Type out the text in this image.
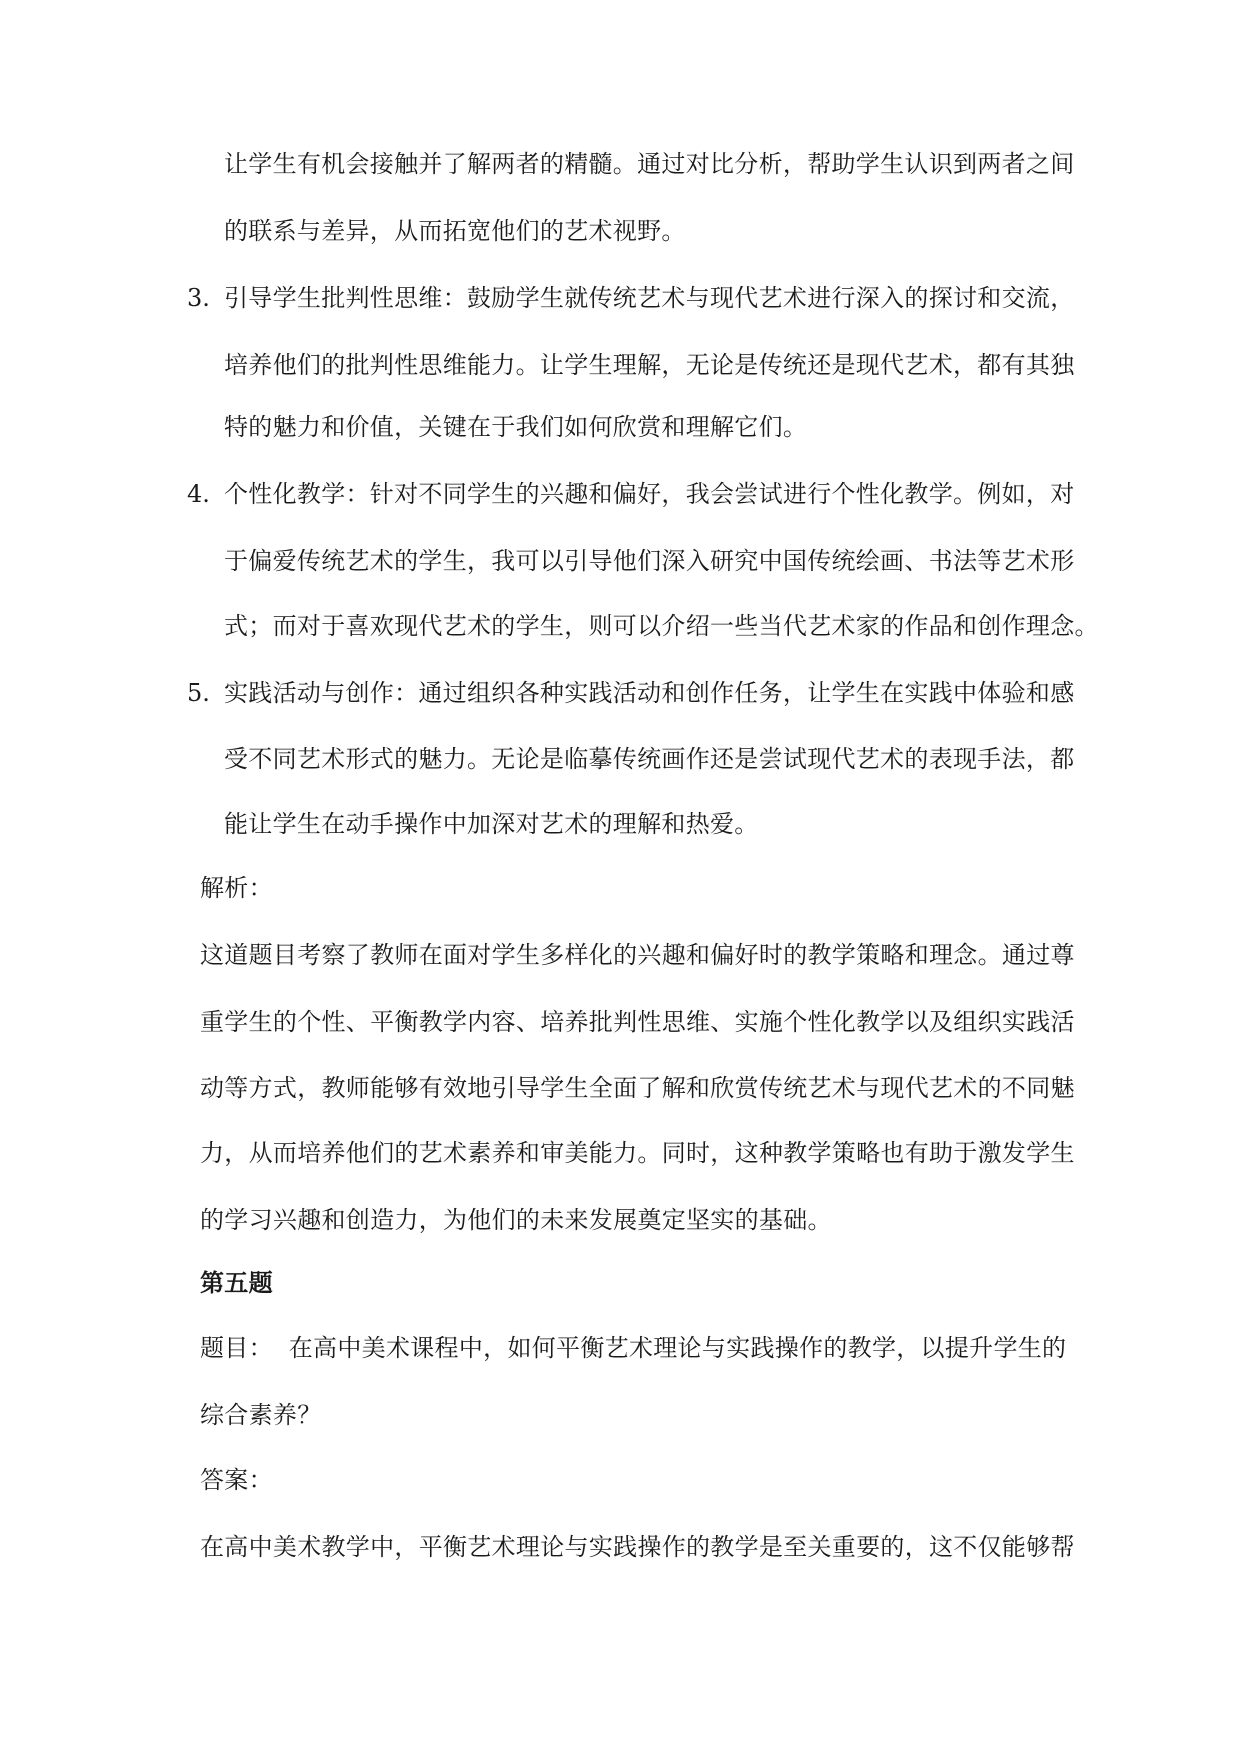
让学生有机会接触并了解两者的精髓。通过对比分析，帮助学生认识到两者之间
的联系与差异，从而拓宽他们的艺术视野。
3. 引导学生批判性思维：鼓励学生就传统艺术与现代艺术进行深入的探讨和交流，
培养他们的批判性思维能力。让学生理解，无论是传统还是现代艺术，都有其独
特的魅力和价值，关键在于我们如何欣赏和理解它们。
4. 个性化教学：针对不同学生的兴趣和偏好，我会尝试进行个性化教学。例如，对
于偏爱传统艺术的学生，我可以引导他们深入研究中国传统绘画、书法等艺术形
式；而对于喜欢现代艺术的学生，则可以介绍一些当代艺术家的作品和创作理念。
5. 实践活动与创作：通过组织各种实践活动和创作任务，让学生在实践中体验和感
受不同艺术形式的魅力。无论是临摹传统画作还是尝试现代艺术的表现手法，都
能让学生在动手操作中加深对艺术的理解和热爱。
解析：
这道题目考察了教师在面对学生多样化的兴趣和偏好时的教学策略和理念。通过尊
重学生的个性、平衡教学内容、培养批判性思维、实施个性化教学以及组织实践活
动等方式，教师能够有效地引导学生全面了解和欣赏传统艺术与现代艺术的不同魅
力，从而培养他们的艺术素养和审美能力。同时，这种教学策略也有助于激发学生
的学习兴趣和创造力，为他们的未来发展奠定坚实的基础。
第五题
题目：  在高中美术课程中，如何平衡艺术理论与实践操作的教学，以提升学生的
综合素养？
答案：
在高中美术教学中，平衡艺术理论与实践操作的教学是至关重要的，这不仅能够帮
